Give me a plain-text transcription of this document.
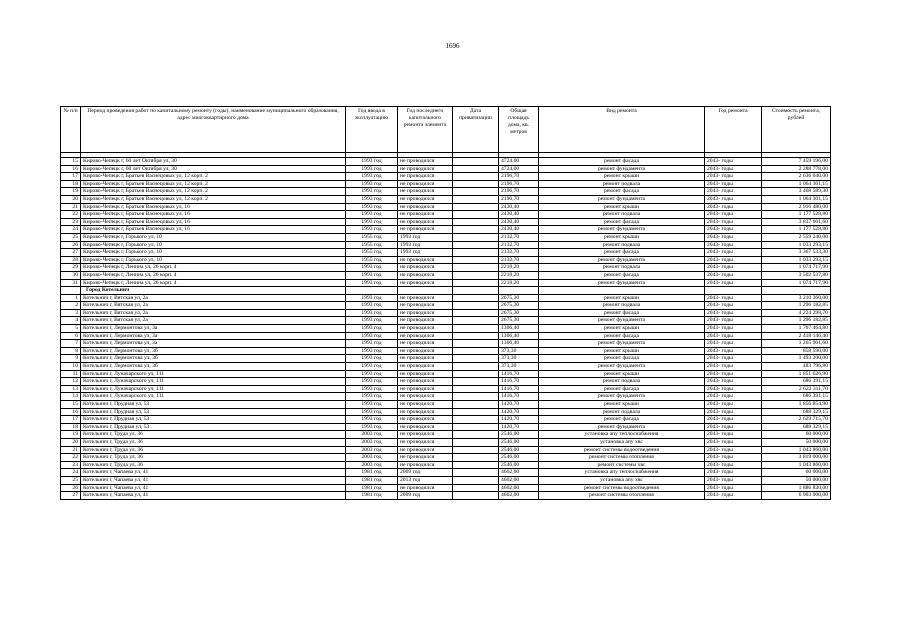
1696
№ п/п	Период проведения работ по капитальному ремонту (годы), наименование муниципального образования, адрес многоквартирного дома	Год ввода в эксплуатацию	Год последнего капитального ремонта элемента	Дата приватизации	Общая площадь дома, кв. метров	Вид ремонта	Год ремонта	Стоимость ремонта, рублей

15	Кирово-Чепецк г, 60 лет Октября ул, 30	1993 год	не проводился		4724,00	ремонт фасада	2043- годы	7 459 196,00
16	Кирово-Чепецк г, 60 лет Октября ул, 30	1993 год	не проводился		4724,00	ремонт фундамента	2043- годы	2 288 778,00
17	Кирово-Чепецк г, Братьев Васнецовых ул, 12 корп. 2	1993 год	не проводился		2196,70	ремонт крыши	2043- годы	2 636 040,00
18	Кирово-Чепецк г, Братьев Васнецовых ул, 12 корп. 2	1993 год	не проводился		2196,70	ремонт подвала	2043- годы	1 064 301,15
19	Кирово-Чепецк г, Братьев Васнецовых ул, 12 корп. 2	1993 год	не проводился		2196,70	ремонт фасада	2043- годы	3 468 589,30
20	Кирово-Чепецк г, Братьев Васнецовых ул, 12 корп. 2	1993 год	не проводился		2196,70	ремонт фундамента	2043- годы	1 064 301,15
21	Кирово-Чепецк г, Братьев Васнецовых ул, 16	1993 год	не проводился		2430,40	ремонт крыши	2043- годы	2 916 480,00
22	Кирово-Чепецк г, Братьев Васнецовых ул, 16	1993 год	не проводился		2430,40	ремонт подвала	2043- годы	1 177 528,80
23	Кирово-Чепецк г, Братьев Васнецовых ул, 16	1993 год	не проводился		2430,40	ремонт фасада	2043- годы	3 837 601,60
24	Кирово-Чепецк г, Братьев Васнецовых ул, 16	1993 год	не проводился		2430,40	ремонт фундамента	2043- годы	1 177 528,80
25	Кирово-Чепецк г, Горького ул, 10	1955 год	1993 год		2132,70	ремонт крыши	2043- годы	2 559 240,00
26	Кирово-Чепецк г, Горького ул, 10	1955 год	1993 год		2132,70	ремонт подвала	2043- годы	1 033 293,15
27	Кирово-Чепецк г, Горького ул, 10	1955 год	1993 год		2132,70	ремонт фасада	2043- годы	3 367 533,30
28	Кирово-Чепецк г, Горького ул, 10	1955 год	не проводился		2132,70	ремонт фундамента	2043- годы	1 033 293,15
29	Кирово-Чепецк г, Ленина ул, 26 корп. 4	1993 год	не проводился		2218,20	ремонт подвала	2043- годы	1 074 717,90
30	Кирово-Чепецк г, Ленина ул, 26 корп. 4	1993 год	не проводился		2218,20	ремонт фасада	2043- годы	3 502 537,80
31	Кирово-Чепецк г, Ленина ул, 26 корп. 4	1993 год	не проводился		2218,20	ремонт фундамента	2043- годы	1 074 717,90
	Город Котельнич							
1	Котельнич г, Вятская ул, 2а	1993 год	не проводился		2675,30	ремонт крыши	2043- годы	3 210 360,00
2	Котельнич г, Вятская ул, 2а	1993 год	не проводился		2675,30	ремонт подвала	2043- годы	1 296 182,85
3	Котельнич г, Вятская ул, 2а	1993 год	не проводился		2675,30	ремонт фасада	2043- годы	4 224 298,70
4	Котельнич г, Вятская ул, 2а	1993 год	не проводился		2675,30	ремонт фундамента	2043- годы	1 296 182,85
5	Котельнич г, Лермонтова ул, 3а	1993 год	не проводился		1306,40	ремонт крыши	2043- годы	1 707 464,80
6	Котельнич г, Лермонтова ул, 3а	1993 год	не проводился		1306,40	ремонт фасада	2043- годы	2 418 146,40
7	Котельнич г, Лермонтова ул, 3а	1993 год	не проводился		1306,40	ремонт фундамента	2043- годы	1 265 901,60
8	Котельнич г, Лермонтова ул, 3б	1993 год	не проводился		373,30	ремонт крыши	2043- годы	858 590,00
9	Котельнич г, Лермонтова ул, 3б	1993 год	не проводился		373,30	ремонт фасада	2043- годы	1 493 200,00
10	Котельнич г, Лермонтова ул, 3б	1993 год	не проводился		373,30	ремонт фундамента	2043- годы	483 796,80
11	Котельнич г, Луначарского ул, 111	1993 год	не проводился		1416,70	ремонт крыши	2043- годы	1 851 626,90
12	Котельнич г, Луначарского ул, 111	1993 год	не проводился		1416,70	ремонт подвала	2043- годы	686 391,15
13	Котельнич г, Луначарского ул, 111	1993 год	не проводился		1416,70	ремонт фасада	2043- годы	2 622 311,70
14	Котельнич г, Луначарского ул, 111	1993 год	не проводился		1416,70	ремонт фундамента	2043- годы	686 391,15
15	Котельнич г, Прудная ул, 53	1993 год	не проводился		1420,70	ремонт крыши	2043- годы	1 856 854,90
16	Котельнич г, Прудная ул, 53	1993 год	не проводился		1420,70	ремонт подвала	2043- годы	688 329,15
17	Котельнич г, Прудная ул, 53	1993 год	не проводился		1420,70	ремонт фасада	2043- годы	2 629 715,70
18	Котельнич г, Прудная ул, 53	1993 год	не проводился		1420,70	ремонт фундамента	2043- годы	688 329,15
19	Котельнич г, Труда ул, 36	2003 год	не проводился		2546,00	установка апу теплоснабжения	2043- годы	60 000,00
20	Котельнич г, Труда ул, 36	2003 год	не проводился		2546,00	установка апу хвс	2043- годы	50 000,00
21	Котельнич г, Труда ул, 36	2003 год	не проводился		2546,00	ремонт системы водоотведения	2043- годы	1 043 860,00
22	Котельнич г, Труда ул, 36	2003 год	не проводился		2546,00	ремонт системы отопления	2043- годы	3 819 000,00
23	Котельнич г, Труда ул, 36	2003 год	не проводился		2546,00	ремонт системы хвс	2043- годы	1 043 860,00
24	Котельнич г, Чапаева ул, 41	1981 год	2009 год		4602,00	установка апу теплоснабжения	2043- годы	60 000,00
25	Котельнич г, Чапаева ул, 41	1981 год	2013 год		4602,00	установка апу хвс	2043- годы	50 000,00
26	Котельнич г, Чапаева ул, 41	1981 год	не проводился		4602,00	ремонт системы водоотведения	2043- годы	1 886 820,00
27	Котельнич г, Чапаева ул, 41	1981 год	2009 год		4602,00	ремонт системы отопления	2043- годы	6 903 000,00
